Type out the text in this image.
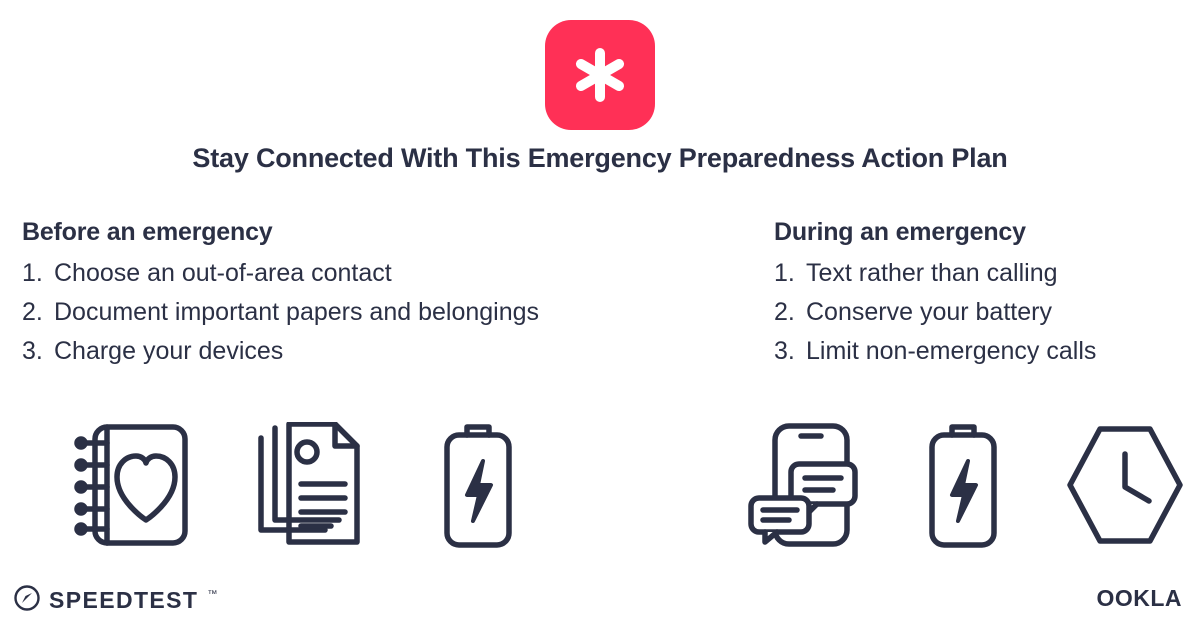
Stay Connected With This Emergency Preparedness Action Plan
Before an emergency
1. Choose an out-of-area contact
2. Document important papers and belongings
3. Charge your devices
During an emergency
1. Text rather than calling
2. Conserve your battery
3. Limit non-emergency calls
SPEEDTEST ™	OOKLA
